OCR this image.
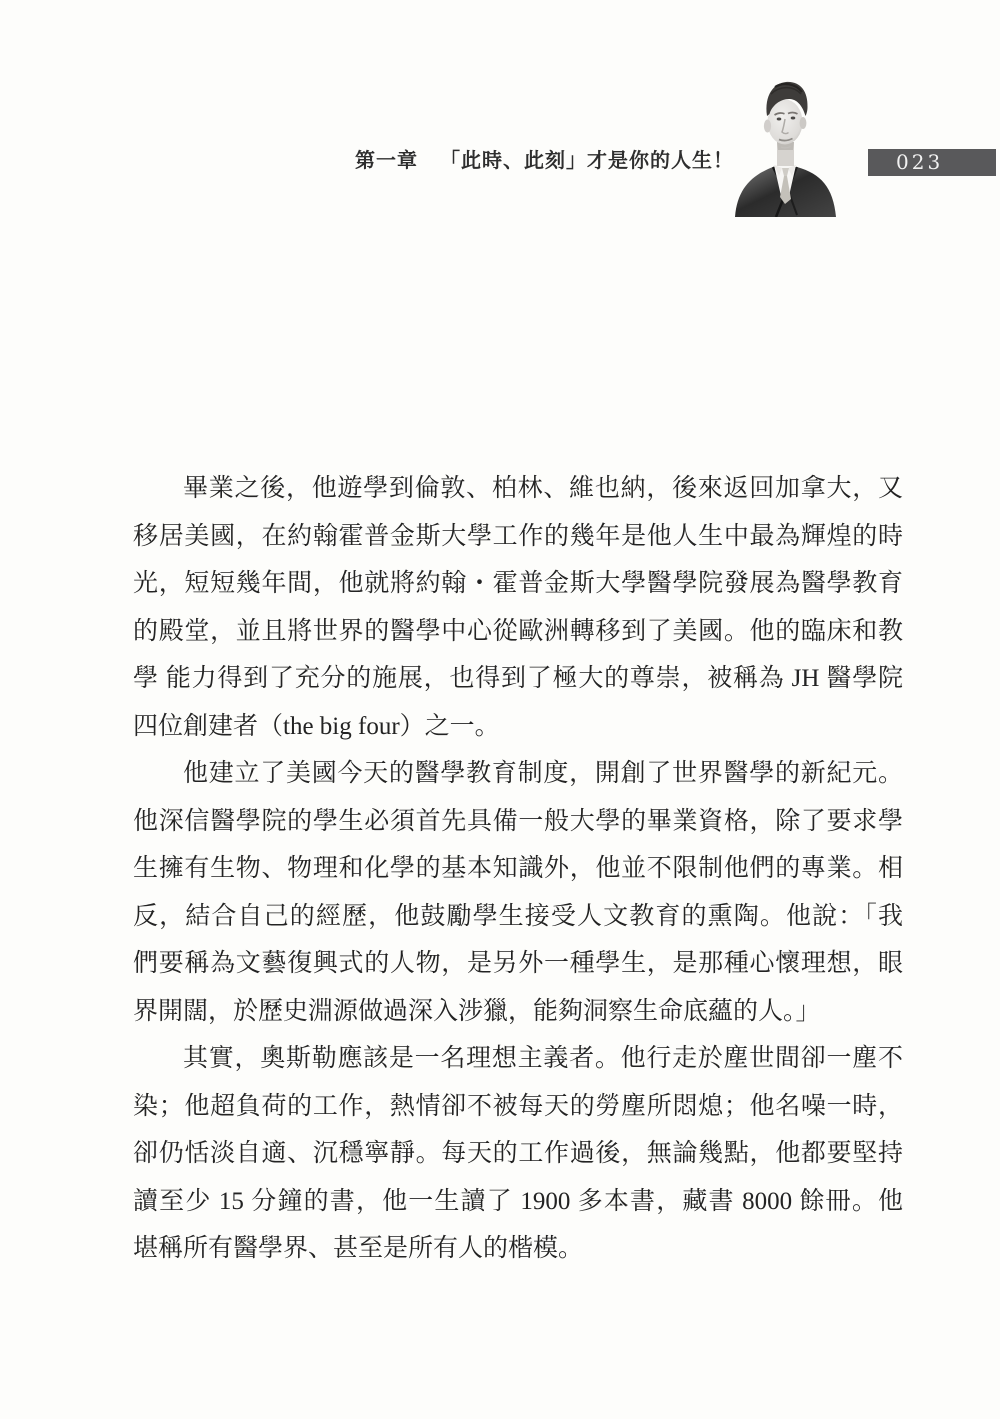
第一章 「此時、此刻」才是你的人生！	023
畢業之後，他遊學到倫敦、柏林、維也納，後來返回加拿大，又
移居美國，在約翰霍普金斯大學工作的幾年是他人生中最為輝煌的時
光，短短幾年間，他就將約翰・霍普金斯大學醫學院發展為醫學教育
的殿堂，並且將世界的醫學中心從歐洲轉移到了美國。他的臨床和教
學 能力得到了充分的施展，也得到了極大的尊崇，被稱為 JH 醫學院
四位創建者（the big four）之一。
他建立了美國今天的醫學教育制度，開創了世界醫學的新紀元。
他深信醫學院的學生必須首先具備一般大學的畢業資格，除了要求學
生擁有生物、物理和化學的基本知識外，他並不限制他們的專業。相
反，結合自己的經歷，他鼓勵學生接受人文教育的熏陶。他說：「我
們要稱為文藝復興式的人物，是另外一種學生，是那種心懷理想，眼
界開闊，於歷史淵源做過深入涉獵，能夠洞察生命底蘊的人。」
其實，奧斯勒應該是一名理想主義者。他行走於塵世間卻一塵不
染；他超負荷的工作，熱情卻不被每天的勞塵所悶熄；他名噪一時，
卻仍恬淡自適、沉穩寧靜。每天的工作過後，無論幾點，他都要堅持
讀至少 15 分鐘的書，他一生讀了 1900 多本書，藏書 8000 餘冊。他
堪稱所有醫學界、甚至是所有人的楷模。
